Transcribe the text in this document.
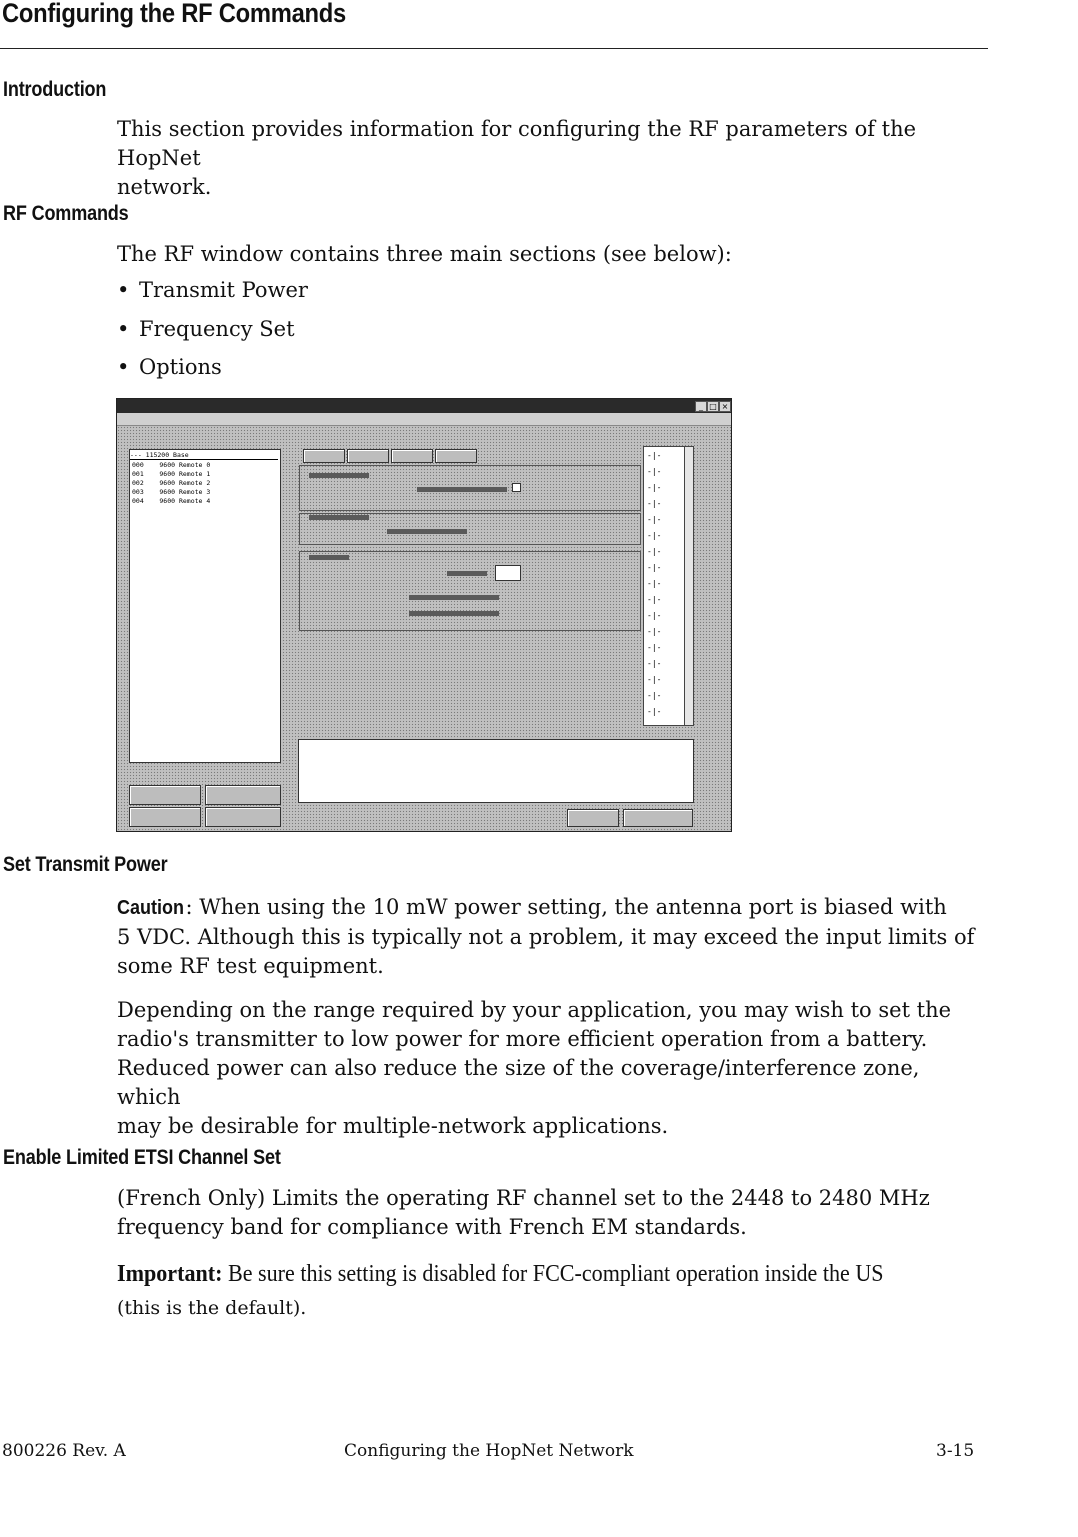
Configuring the RF Commands
Introduction
This section provides information for configuring the RF parameters of the HopNet
network.
RF Commands
The RF window contains three main sections (see below):
• Transmit Power
• Frequency Set
• Options
_ □ ×
--- 115200 Base
000    9600 Remote 0
001    9600 Remote 1
002    9600 Remote 2
003    9600 Remote 3
004    9600 Remote 4
-|-
-|-
-|-
-|-
-|-
-|-
-|-
-|-
-|-
-|-
-|-
-|-
-|-
-|-
-|-
-|-
-|-
Set Transmit Power
Caution: When using the 10 mW power setting, the antenna port is biased with
5 VDC. Although this is typically not a problem, it may exceed the input limits of
some RF test equipment.
Depending on the range required by your application, you may wish to set the
radio's transmitter to low power for more efficient operation from a battery.
Reduced power can also reduce the size of the coverage/interference zone, which
may be desirable for multiple-network applications.
Enable Limited ETSI Channel Set
(French Only) Limits the operating RF channel set to the 2448 to 2480 MHz
frequency band for compliance with French EM standards.
Important: Be sure this setting is disabled for FCC-compliant operation inside the US
(this is the default).
800226 Rev. A	Configuring the HopNet Network	3-15
